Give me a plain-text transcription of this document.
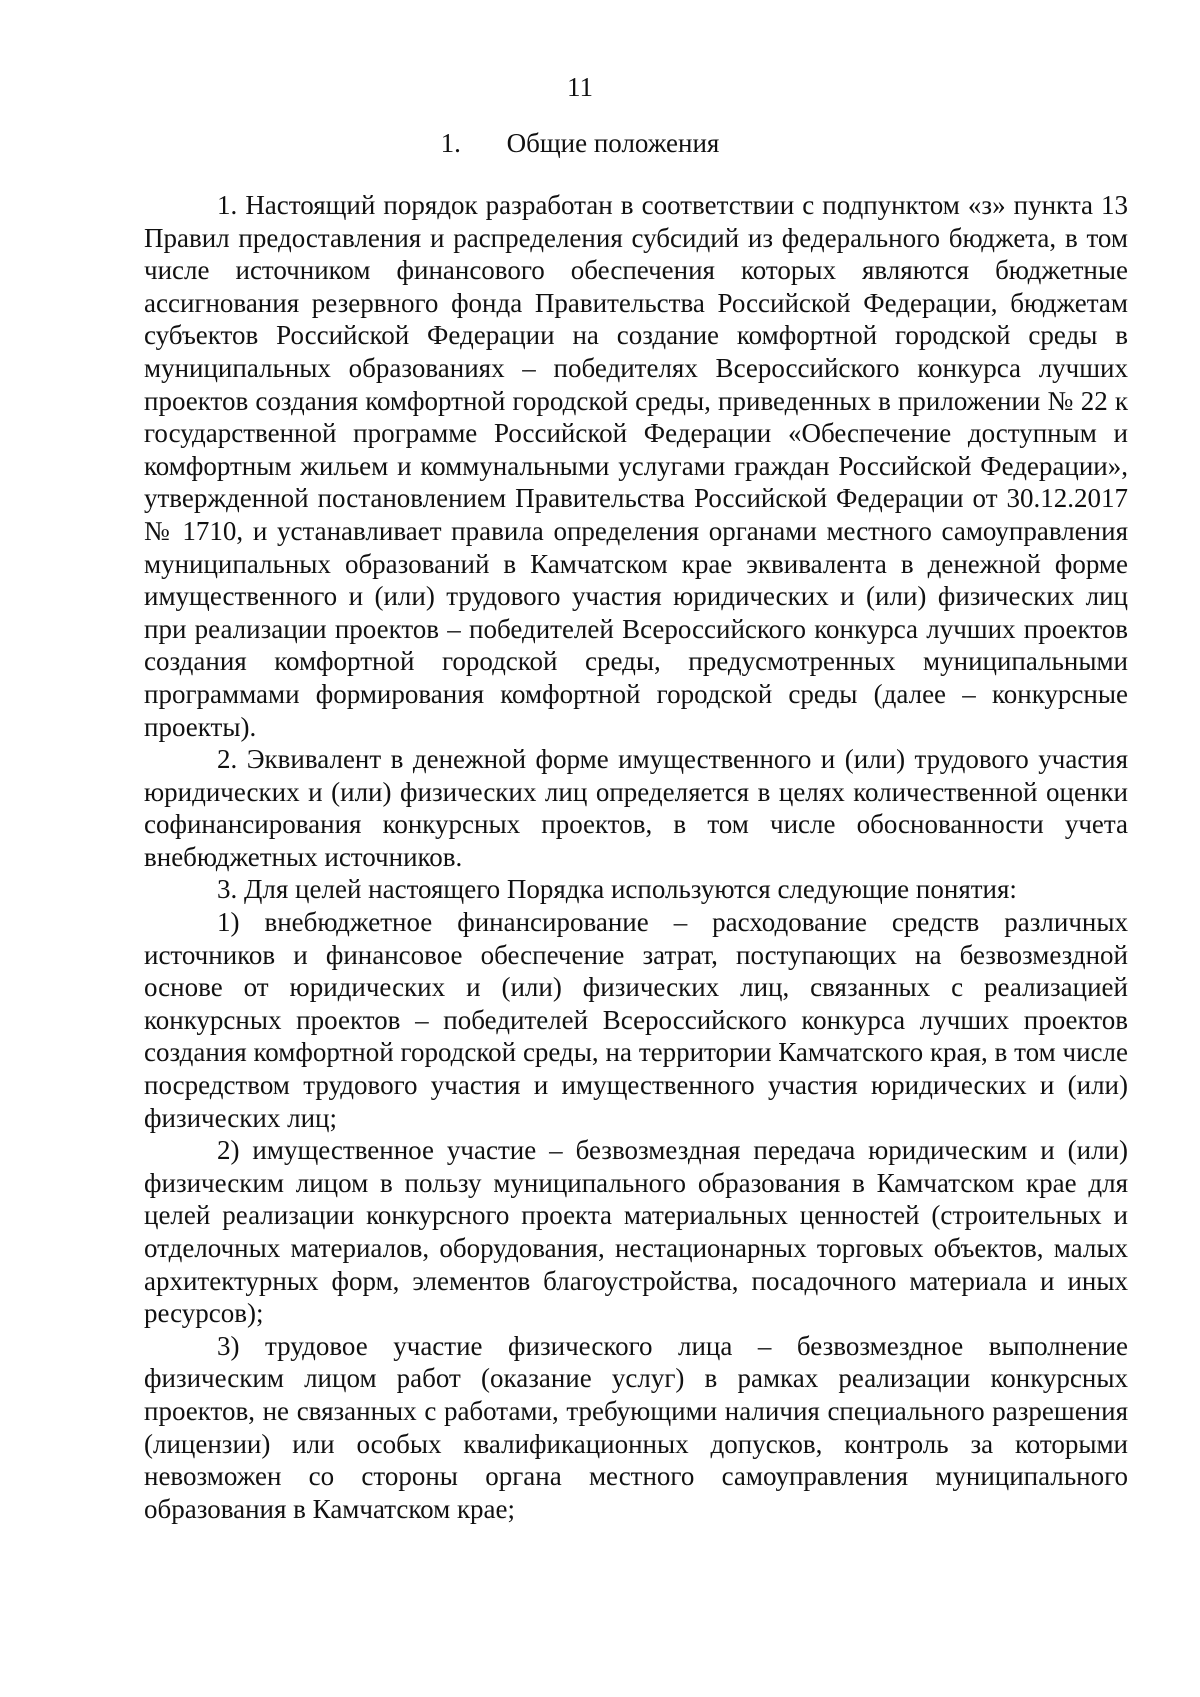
11
1. Общие положения

1. Настоящий порядок разработан в соответствии с подпунктом «з» пункта 13 Правил предоставления и распределения субсидий из федерального бюджета, в том числе источником финансового обеспечения которых являются бюджетные ассигнования резервного фонда Правительства Российской Федерации, бюджетам субъектов Российской Федерации на создание комфортной городской среды в муниципальных образованиях – победителях Всероссийского конкурса лучших проектов создания комфортной городской среды, приведенных в приложении № 22 к государственной программе Российской Федерации «Обеспечение доступным и комфортным жильем и коммунальными услугами граждан Российской Федерации», утвержденной постановлением Правительства Российской Федерации от 30.12.2017 № 1710, и устанавливает правила определения органами местного самоуправления муниципальных образований в Камчатском крае эквивалента в денежной форме имущественного и (или) трудового участия юридических и (или) физических лиц при реализации проектов – победителей Всероссийского конкурса лучших проектов создания комфортной городской среды, предусмотренных муниципальными программами формирования комфортной городской среды (далее – конкурсные проекты).

2. Эквивалент в денежной форме имущественного и (или) трудового участия юридических и (или) физических лиц определяется в целях количественной оценки софинансирования конкурсных проектов, в том числе обоснованности учета внебюджетных источников.

3. Для целей настоящего Порядка используются следующие понятия:

1) внебюджетное финансирование – расходование средств различных источников и финансовое обеспечение затрат, поступающих на безвозмездной основе от юридических и (или) физических лиц, связанных с реализацией конкурсных проектов – победителей Всероссийского конкурса лучших проектов создания комфортной городской среды, на территории Камчатского края, в том числе посредством трудового участия и имущественного участия юридических и (или) физических лиц;

2) имущественное участие – безвозмездная передача юридическим и (или) физическим лицом в пользу муниципального образования в Камчатском крае для целей реализации конкурсного проекта материальных ценностей (строительных и отделочных материалов, оборудования, нестационарных торговых объектов, малых архитектурных форм, элементов благоустройства, посадочного материала и иных ресурсов);

3) трудовое участие физического лица – безвозмездное выполнение физическим лицом работ (оказание услуг) в рамках реализации конкурсных проектов, не связанных с работами, требующими наличия специального разрешения (лицензии) или особых квалификационных допусков, контроль за которыми невозможен со стороны органа местного самоуправления муниципального образования в Камчатском крае;
